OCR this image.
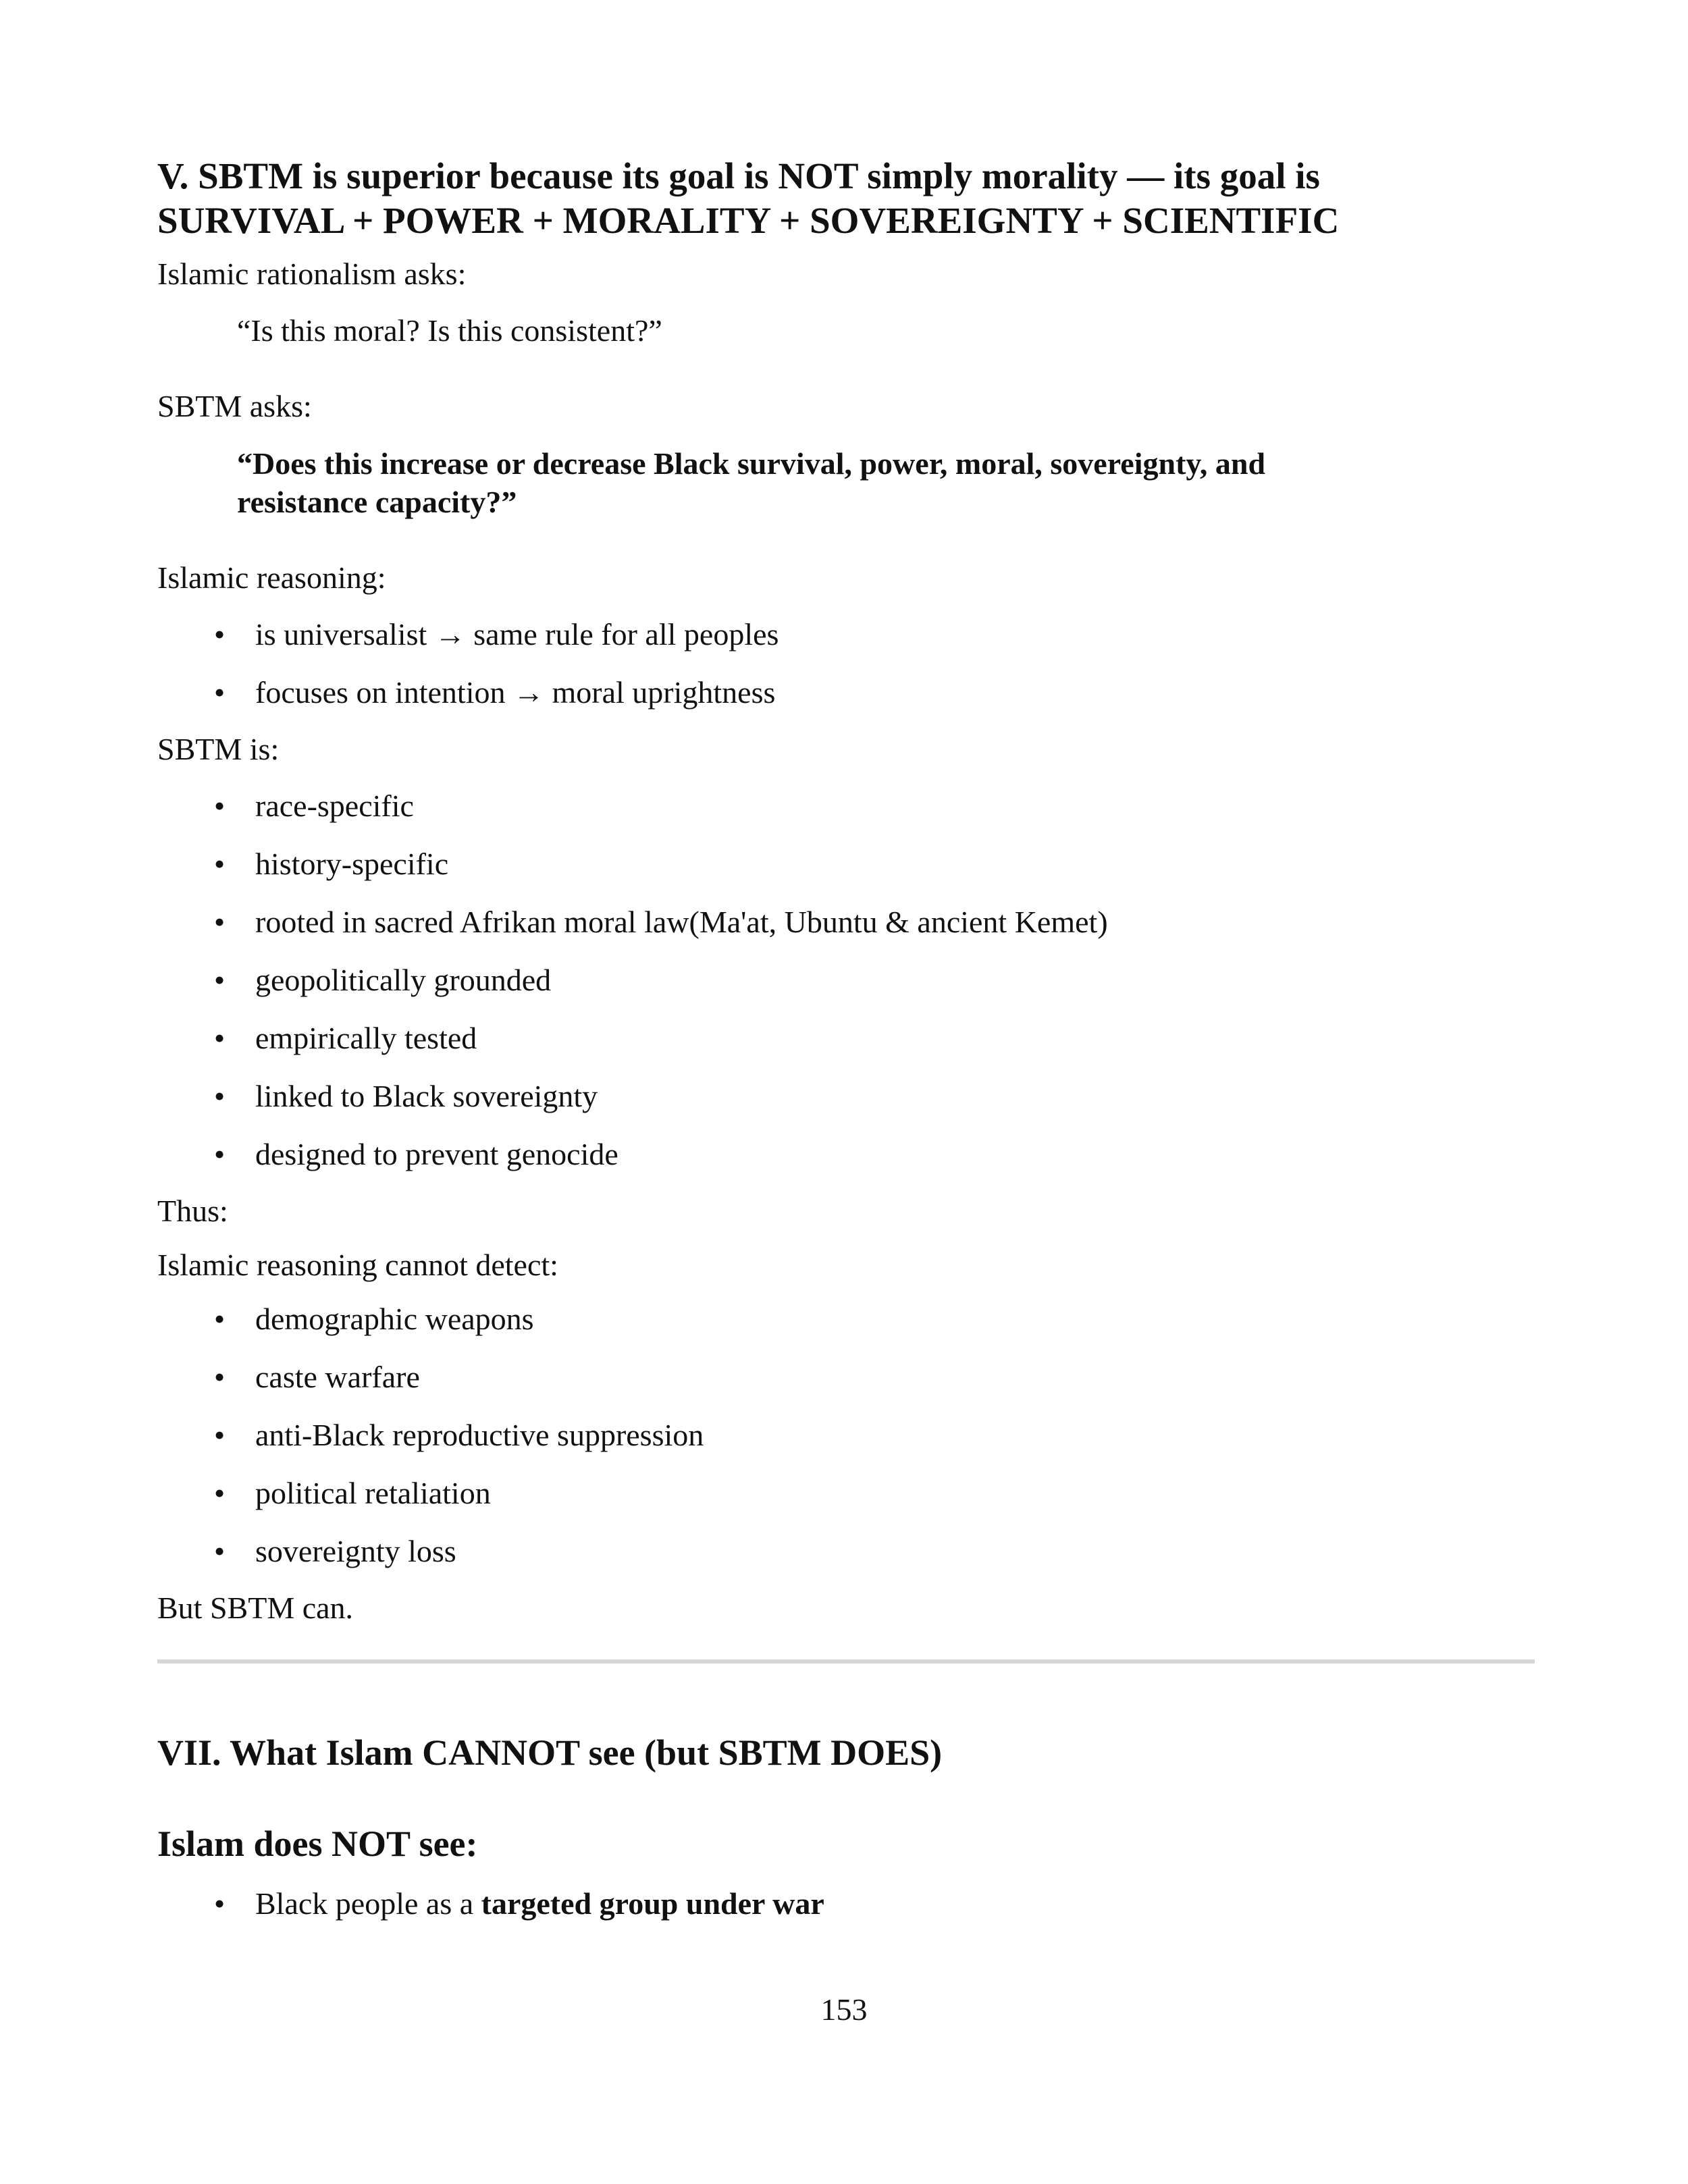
V. SBTM is superior because its goal is NOT simply morality — its goal is
SURVIVAL + POWER + MORALITY + SOVEREIGNTY + SCIENTIFIC

Islamic rationalism asks:

“Is this moral? Is this consistent?”

SBTM asks:

“Does this increase or decrease Black survival, power, moral, sovereignty, and
resistance capacity?”

Islamic reasoning:

• is universalist → same rule for all peoples
• focuses on intention → moral uprightness

SBTM is:

• race-specific
• history-specific
• rooted in sacred Afrikan moral law(Ma'at, Ubuntu & ancient Kemet)
• geopolitically grounded
• empirically tested
• linked to Black sovereignty
• designed to prevent genocide

Thus:

Islamic reasoning cannot detect:

• demographic weapons
• caste warfare
• anti-Black reproductive suppression
• political retaliation
• sovereignty loss

But SBTM can.

VII. What Islam CANNOT see (but SBTM DOES)
Islam does NOT see:
• Black people as a targeted group under war
153
